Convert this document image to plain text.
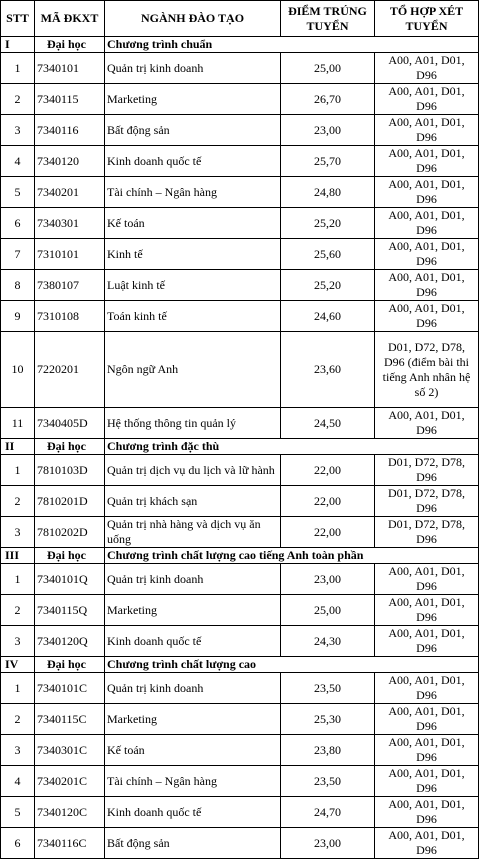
STT	MÃ ĐKXT	NGÀNH ĐÀO TẠO	ĐIỂM TRÚNG TUYỂN	TỔ HỢP XÉT TUYỂN
I	Đại học	Chương trình chuẩn		
1	7340101	Quản trị kinh doanh	25,00	A00, A01, D01, D96
2	7340115	Marketing	26,70	A00, A01, D01, D96
3	7340116	Bất động sản	23,00	A00, A01, D01, D96
4	7340120	Kinh doanh quốc tế	25,70	A00, A01, D01, D96
5	7340201	Tài chính – Ngân hàng	24,80	A00, A01, D01, D96
6	7340301	Kế toán	25,20	A00, A01, D01, D96
7	7310101	Kinh tế	25,60	A00, A01, D01, D96
8	7380107	Luật kinh tế	25,20	A00, A01, D01, D96
9	7310108	Toán kinh tế	24,60	A00, A01, D01, D96
10	7220201	Ngôn ngữ Anh	23,60	D01, D72, D78, D96 (điểm bài thi tiếng Anh nhân hệ số 2)
11	7340405D	Hệ thống thông tin quản lý	24,50	A00, A01, D01, D96
II	Đại học	Chương trình đặc thù		
1	7810103D	Quản trị dịch vụ du lịch và lữ hành	22,00	D01, D72, D78, D96
2	7810201D	Quản trị khách sạn	22,00	D01, D72, D78, D96
3	7810202D	Quản trị nhà hàng và dịch vụ ăn uống	22,00	D01, D72, D78, D96
III	Đại học	Chương trình chất lượng cao tiếng Anh toàn phần		
1	7340101Q	Quản trị kinh doanh	23,00	A00, A01, D01, D96
2	7340115Q	Marketing	25,00	A00, A01, D01, D96
3	7340120Q	Kinh doanh quốc tế	24,30	A00, A01, D01, D96
IV	Đại học	Chương trình chất lượng cao		
1	7340101C	Quản trị kinh doanh	23,50	A00, A01, D01, D96
2	7340115C	Marketing	25,30	A00, A01, D01, D96
3	7340301C	Kế toán	23,80	A00, A01, D01, D96
4	7340201C	Tài chính – Ngân hàng	23,50	A00, A01, D01, D96
5	7340120C	Kinh doanh quốc tế	24,70	A00, A01, D01, D96
6	7340116C	Bất động sản	23,00	A00, A01, D01, D96
